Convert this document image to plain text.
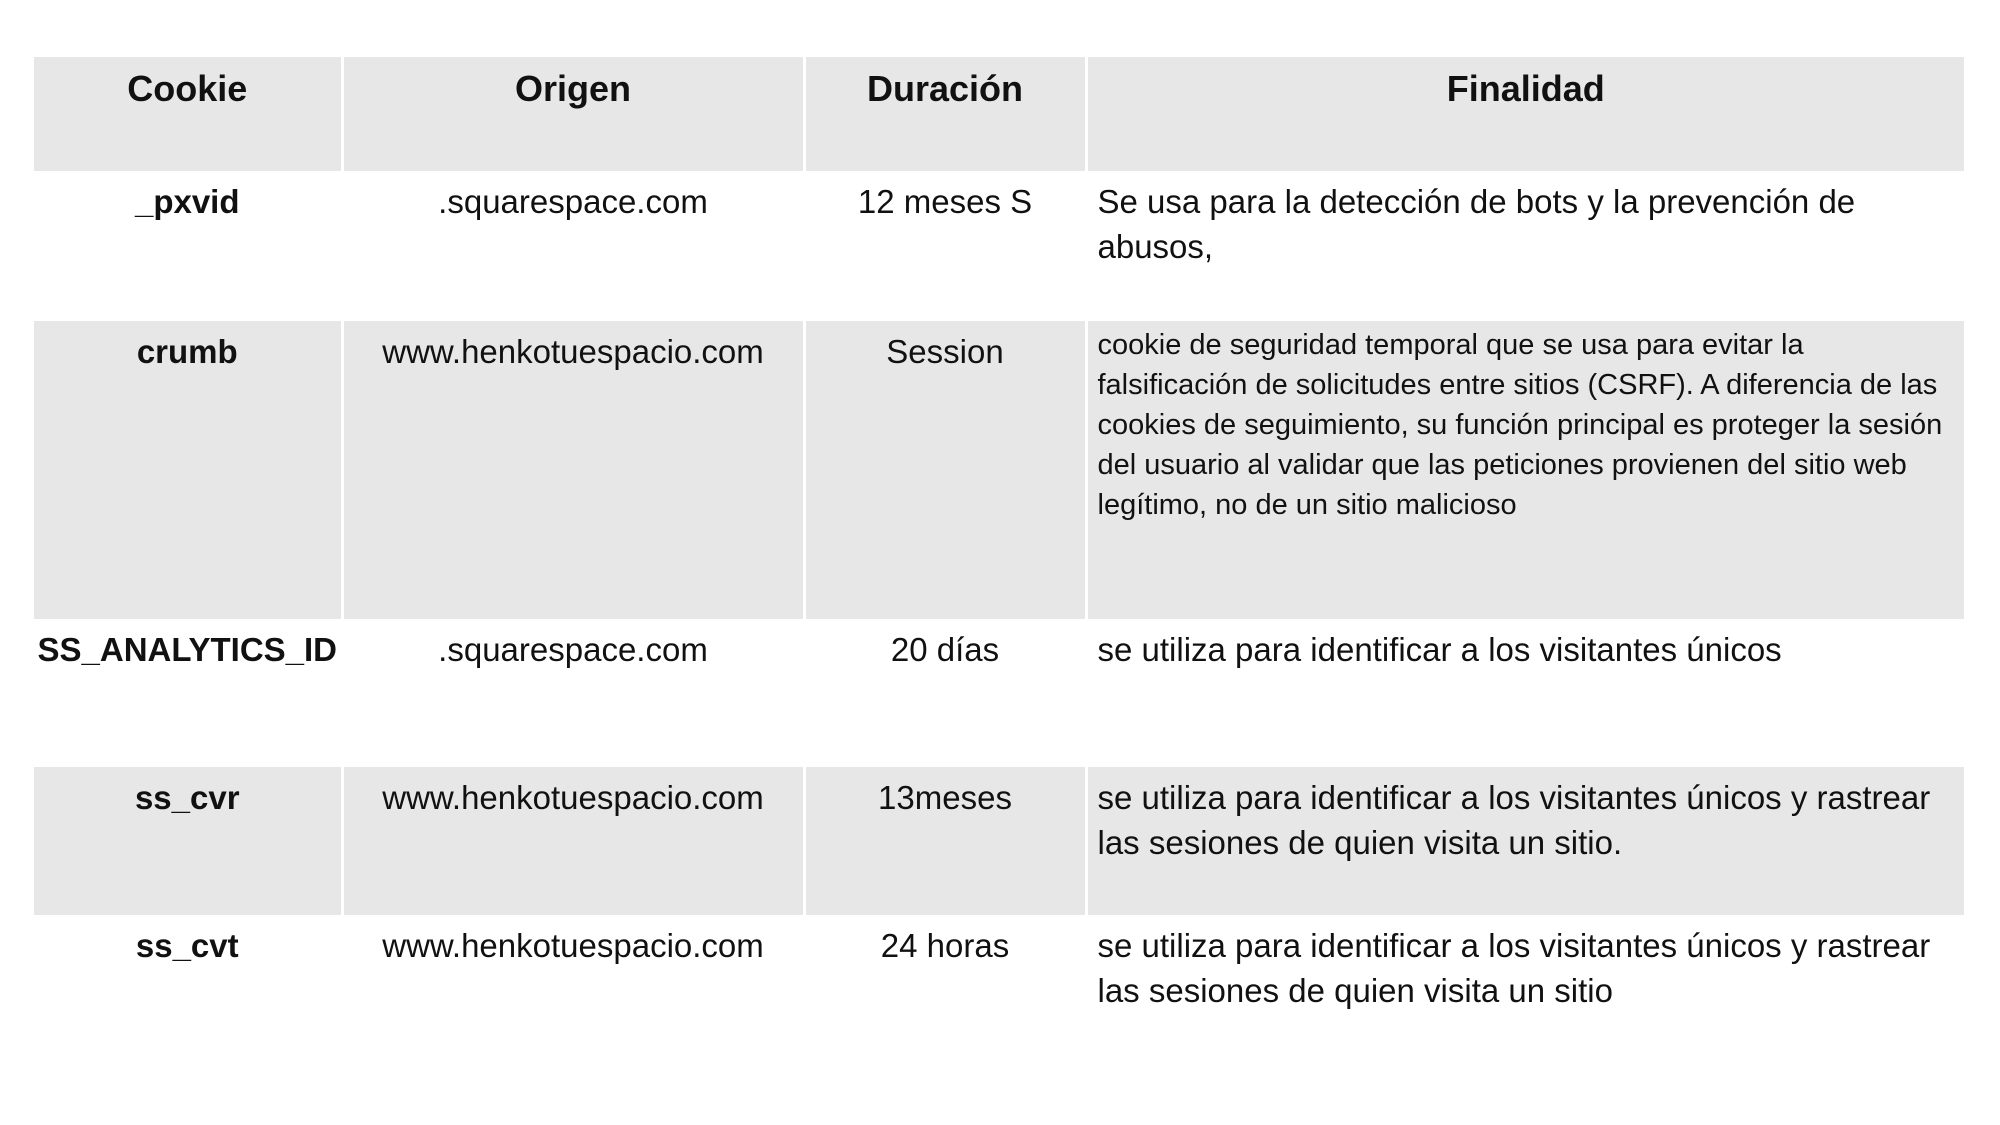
Cookie	Origen	Duración	Finalidad
_pxvid	.squarespace.com	12 meses S	Se usa para la detección de bots y la prevención de abusos,
crumb	www.henkotuespacio.com	Session	cookie de seguridad temporal que se usa para evitar la falsificación de solicitudes entre sitios (CSRF). A diferencia de las cookies de seguimiento, su función principal es proteger la sesión del usuario al validar que las peticiones provienen del sitio web legítimo, no de un sitio malicioso
SS_ANALYTICS_ID	.squarespace.com	20 días	se utiliza para identificar a los visitantes únicos
ss_cvr	www.henkotuespacio.com	13meses	se utiliza para identificar a los visitantes únicos y rastrear las sesiones de quien visita un sitio.
ss_cvt	www.henkotuespacio.com	24 horas	se utiliza para identificar a los visitantes únicos y rastrear las sesiones de quien visita un sitio
